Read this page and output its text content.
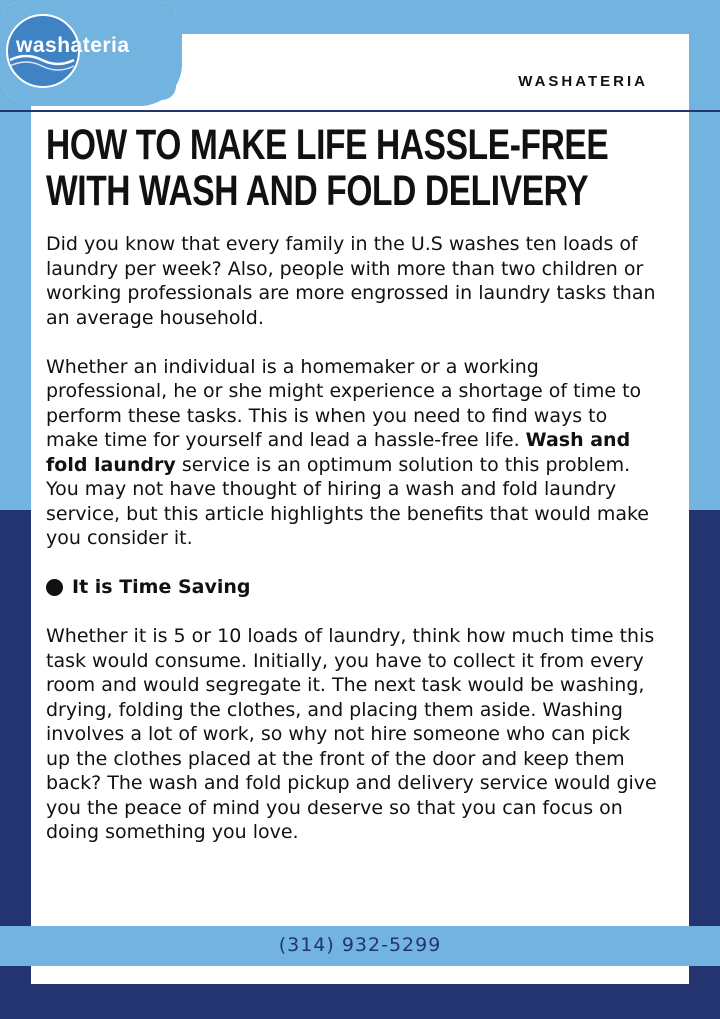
washateria
WASHATERIA
HOW TO MAKE LIFE HASSLE-FREE WITH WASH AND FOLD DELIVERY

Did you know that every family in the U.S washes ten loads of laundry per week? Also, people with more than two children or working professionals are more engrossed in laundry tasks than an average household.

Whether an individual is a homemaker or a working professional, he or she might experience a shortage of time to perform these tasks. This is when you need to find ways to make time for yourself and lead a hassle-free life. Wash and fold laundry service is an optimum solution to this problem. You may not have thought of hiring a wash and fold laundry service, but this article highlights the benefits that would make you consider it.

It is Time Saving

Whether it is 5 or 10 loads of laundry, think how much time this task would consume. Initially, you have to collect it from every room and would segregate it. The next task would be washing, drying, folding the clothes, and placing them aside. Washing involves a lot of work, so why not hire someone who can pick up the clothes placed at the front of the door and keep them back? The wash and fold pickup and delivery service would give you the peace of mind you deserve so that you can focus on doing something you love.

(314) 932-5299
